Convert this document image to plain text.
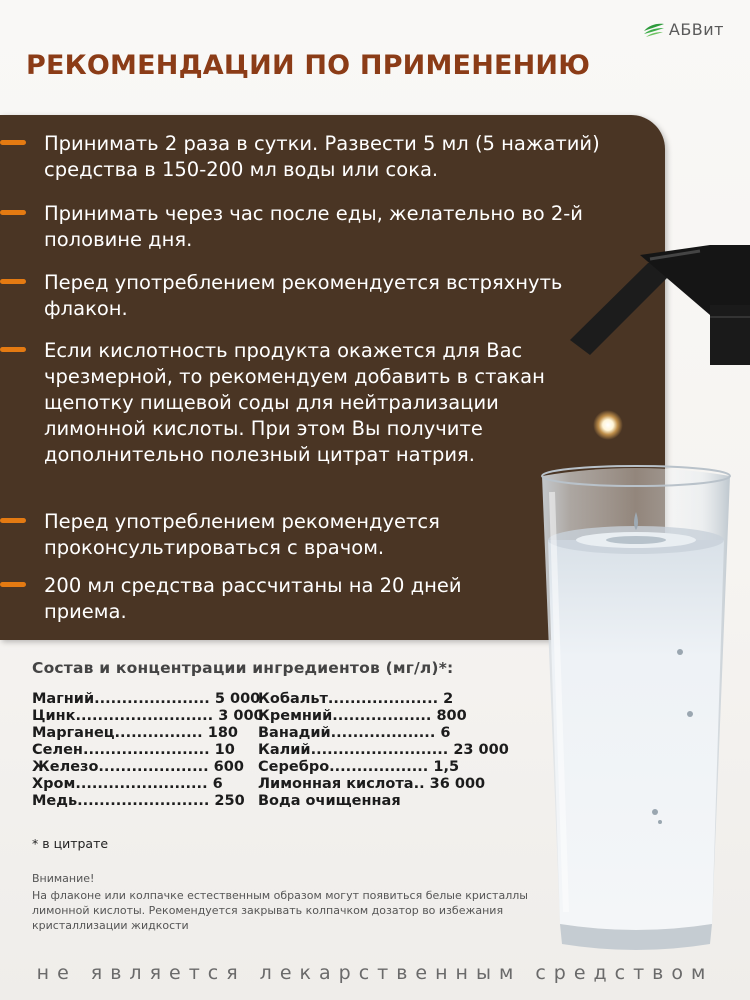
АБВит
РЕКОМЕНДАЦИИ ПО ПРИМЕНЕНИЮ
Принимать 2 раза в сутки. Развести 5 мл (5 нажатий) средства в 150-200 мл воды или сока.
Принимать через час после еды, желательно во 2-й половине дня.
Перед употреблением рекомендуется встряхнуть флакон.
Если кислотность продукта окажется для Вас чрезмерной, то рекомендуем добавить в стакан щепотку пищевой соды для нейтрализации лимонной кислоты. При этом Вы получите дополнительно полезный цитрат натрия.
Перед употреблением рекомендуется проконсультироваться с врачом.
200 мл средства рассчитаны на 20 дней приема.
Состав и концентрации ингредиентов (мг/л)*:
Магний..................... 5 000
Цинк......................... 3 000
Марганец................ 180
Селен....................... 10
Железо.................... 600
Хром........................ 6
Медь........................ 250
Кобальт.................... 2
Кремний.................. 800
Ванадий................... 6
Калий......................... 23 000
Серебро.................. 1,5
Лимонная кислота.. 36 000
Вода очищенная
* в цитрате
Внимание!
На флаконе или колпачке естественным образом могут появиться белые кристаллы лимонной кислоты. Рекомендуется закрывать колпачком дозатор во избежания кристаллизации жидкости
не является лекарственным средством
